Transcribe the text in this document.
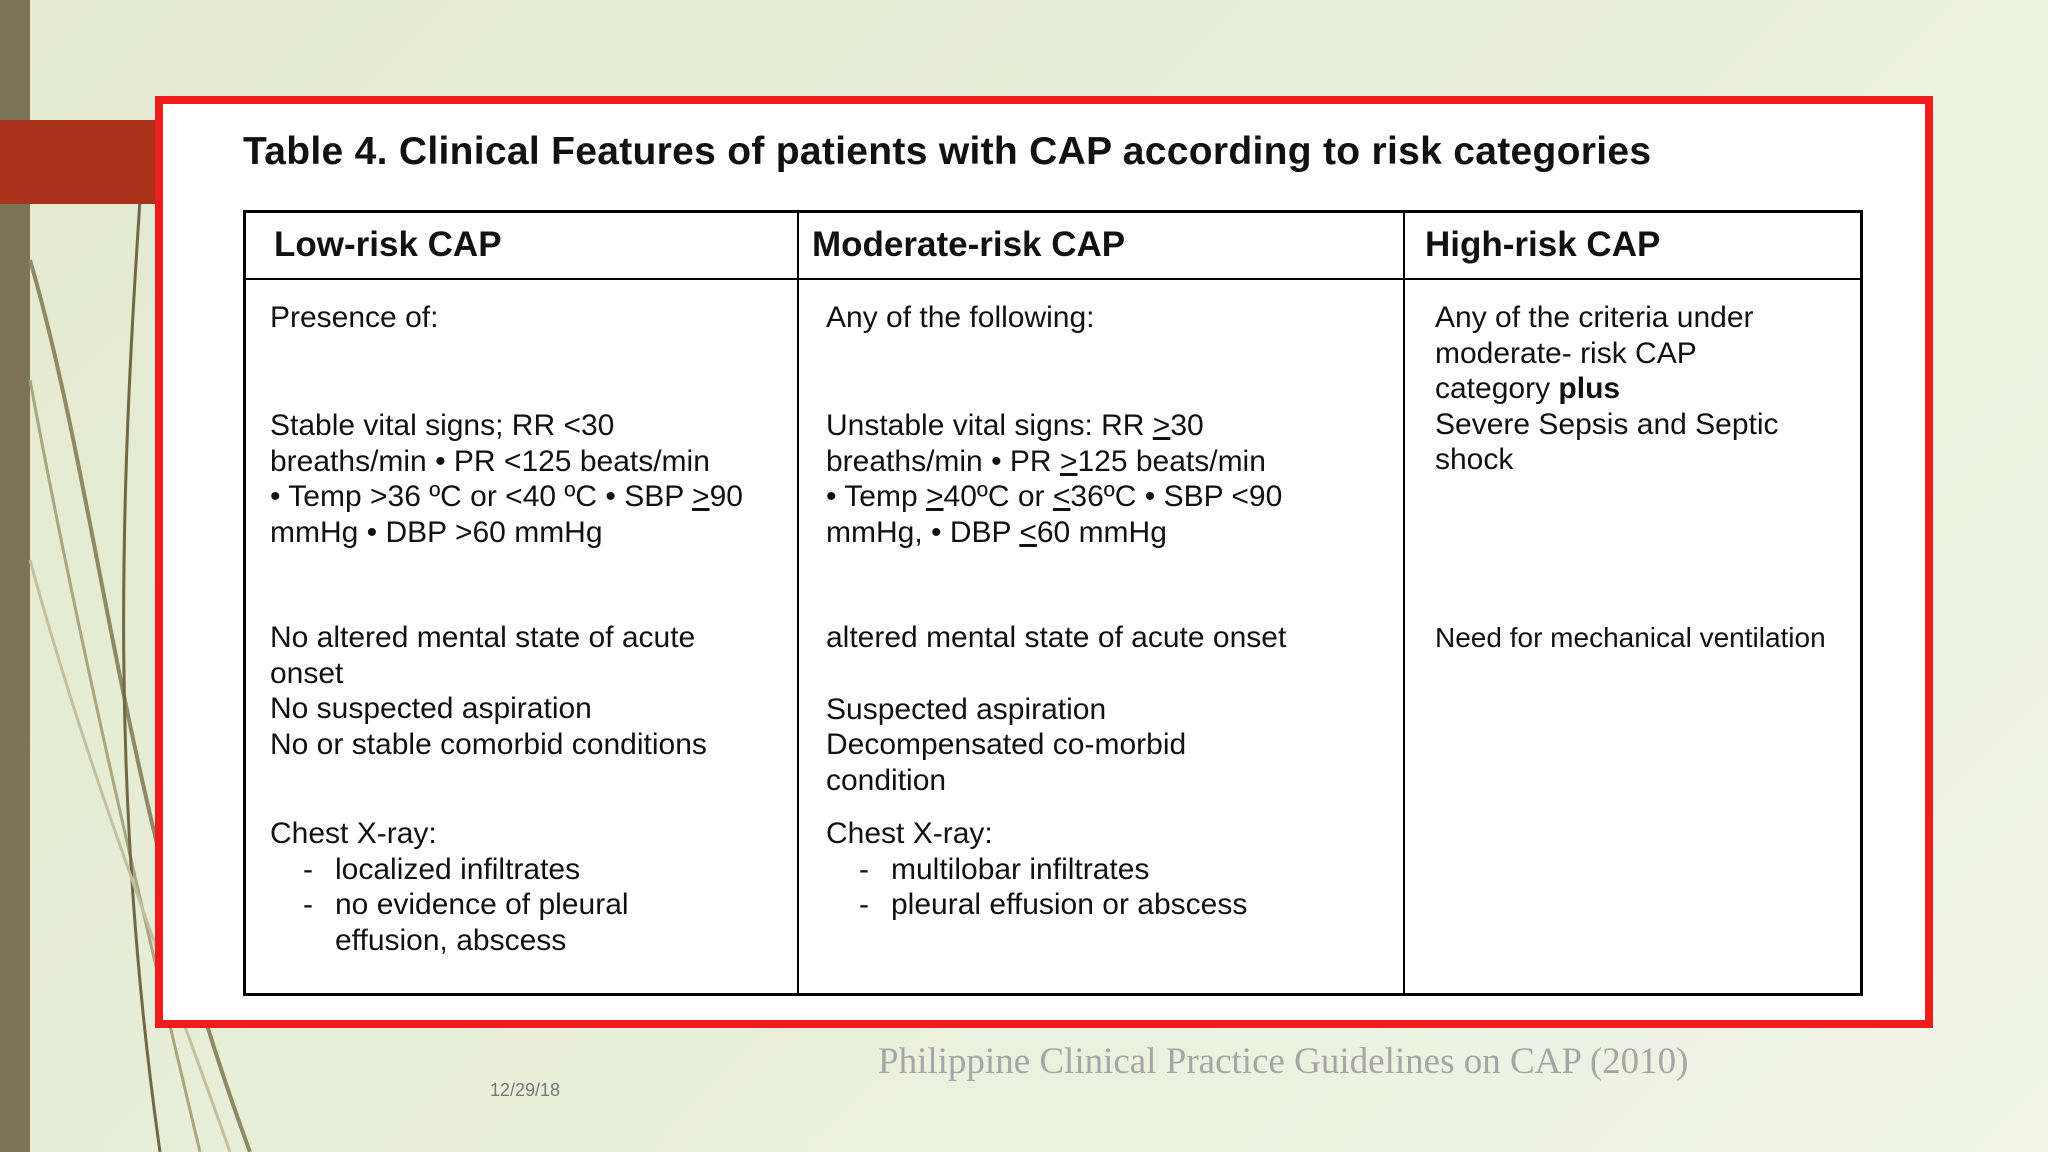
Table 4. Clinical Features of patients with CAP according to risk categories
Low-risk CAP

Presence of:

Stable vital signs; RR <30
breaths/min • PR <125 beats/min
• Temp >36 ºC or <40 ºC • SBP ≥90
mmHg • DBP >60 mmHg
No altered mental state of acute
onset
No suspected aspiration
No or stable comorbid conditions
Chest X-ray:
- localized infiltrates
- no evidence of pleural effusion, abscess
Moderate-risk CAP

Any of the following:

Unstable vital signs: RR ≥30
breaths/min • PR ≥125 beats/min
• Temp ≥40ºC or ≤36ºC • SBP <90
mmHg, • DBP ≤60 mmHg
altered mental state of acute onset
Suspected aspiration
Decompensated co-morbid
condition
Chest X-ray:
- multilobar infiltrates
- pleural effusion or abscess
High-risk CAP
Any of the criteria under
moderate- risk CAP
category plus
Severe Sepsis and Septic
shock
Need for mechanical ventilation
Philippine Clinical Practice Guidelines on CAP (2010)
12/29/18
